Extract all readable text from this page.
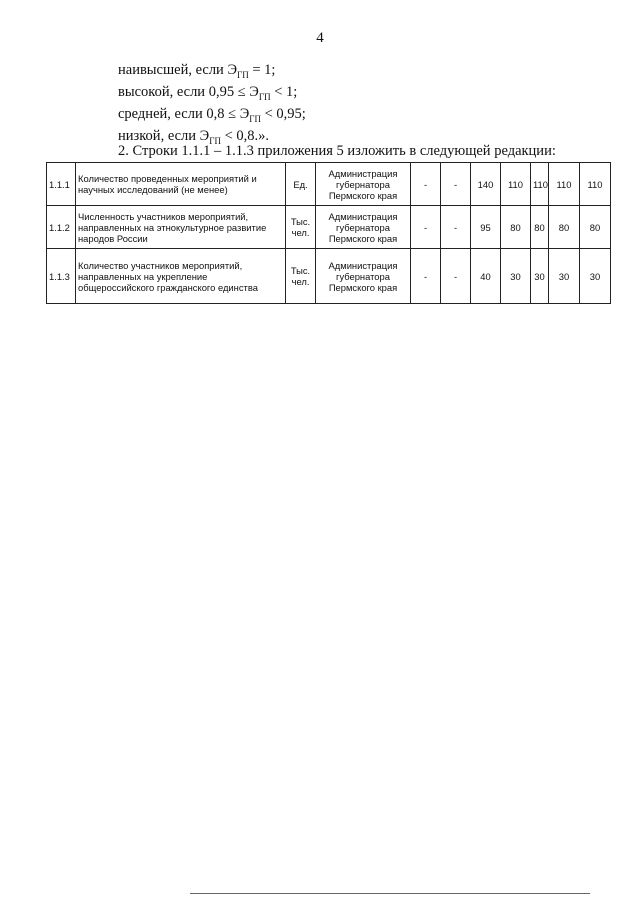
4
наивысшей, если $Э_{ГП} = 1$;
высокой, если $0,95 \le Э_{ГП} < 1$;
средней, если $0,8 \le Э_{ГП} < 0,95$;
низкой, если $Э_{ГП} < 0,8$.».
2. Строки 1.1.1 – 1.1.3 приложения 5 изложить в следующей редакции:
1.1.1	Количество проведенных мероприятий и научных исследований (не менее)	Ед.	Администрация губернатора Пермского края	-	-	140	110	110	110	110
1.1.2	Численность участников мероприятий, направленных на этнокультурное развитие народов России	Тыс. чел.	Администрация губернатора Пермского края	-	-	95	80	80	80	80
1.1.3	Количество участников мероприятий, направленных на укрепление общероссийского гражданского единства	Тыс. чел.	Администрация губернатора Пермского края	-	-	40	30	30	30	30
